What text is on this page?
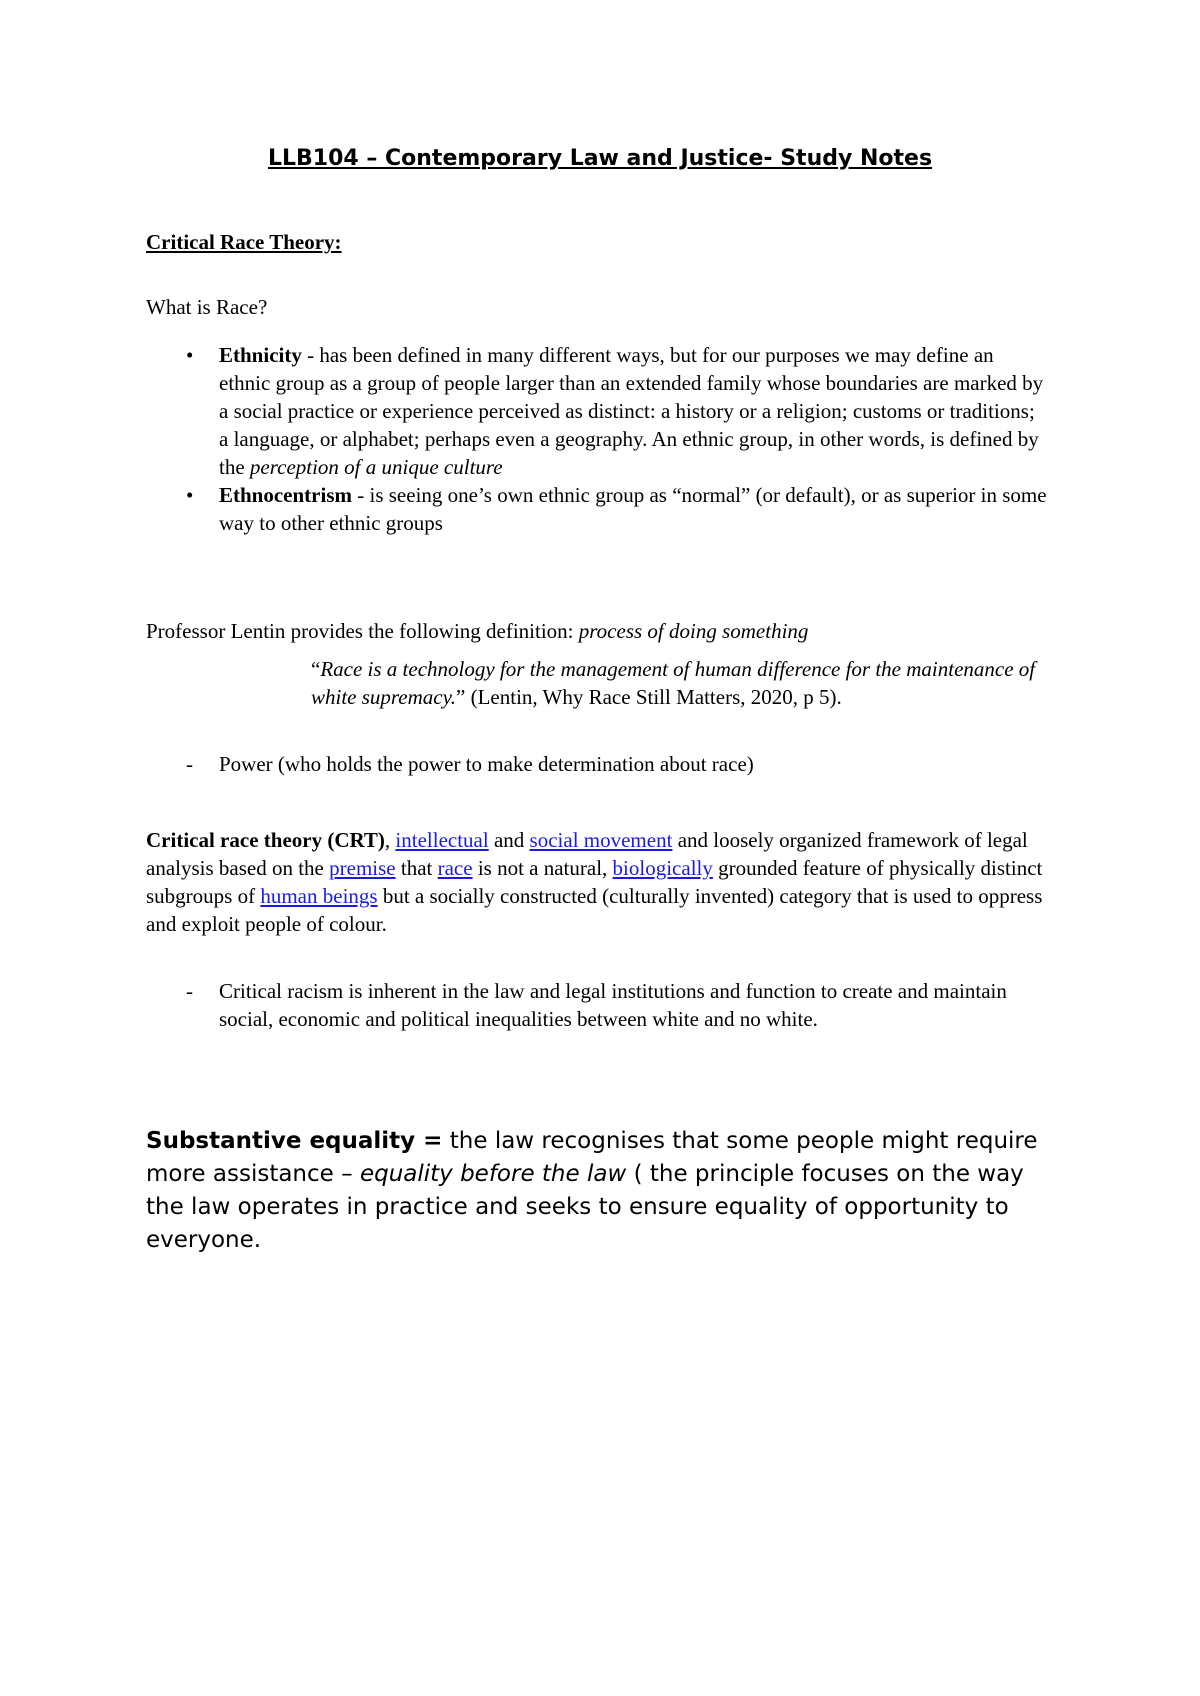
LLB104 – Contemporary Law and Justice- Study Notes
Critical Race Theory:
What is Race?
• Ethnicity - has been defined in many different ways, but for our purposes we may define an ethnic group as a group of people larger than an extended family whose boundaries are marked by a social practice or experience perceived as distinct: a history or a religion; customs or traditions; a language, or alphabet; perhaps even a geography. An ethnic group, in other words, is defined by the perception of a unique culture
• Ethnocentrism - is seeing one’s own ethnic group as “normal” (or default), or as superior in some way to other ethnic groups
Professor Lentin provides the following definition: process of doing something
“Race is a technology for the management of human difference for the maintenance of white supremacy.” (Lentin, Why Race Still Matters, 2020, p 5).
- Power (who holds the power to make determination about race)
Critical race theory (CRT), intellectual and social movement and loosely organized framework of legal analysis based on the premise that race is not a natural, biologically grounded feature of physically distinct subgroups of human beings but a socially constructed (culturally invented) category that is used to oppress and exploit people of colour.
- Critical racism is inherent in the law and legal institutions and function to create and maintain social, economic and political inequalities between white and no white.
Substantive equality = the law recognises that some people might require more assistance – equality before the law ( the principle focuses on the way the law operates in practice and seeks to ensure equality of opportunity to everyone.
